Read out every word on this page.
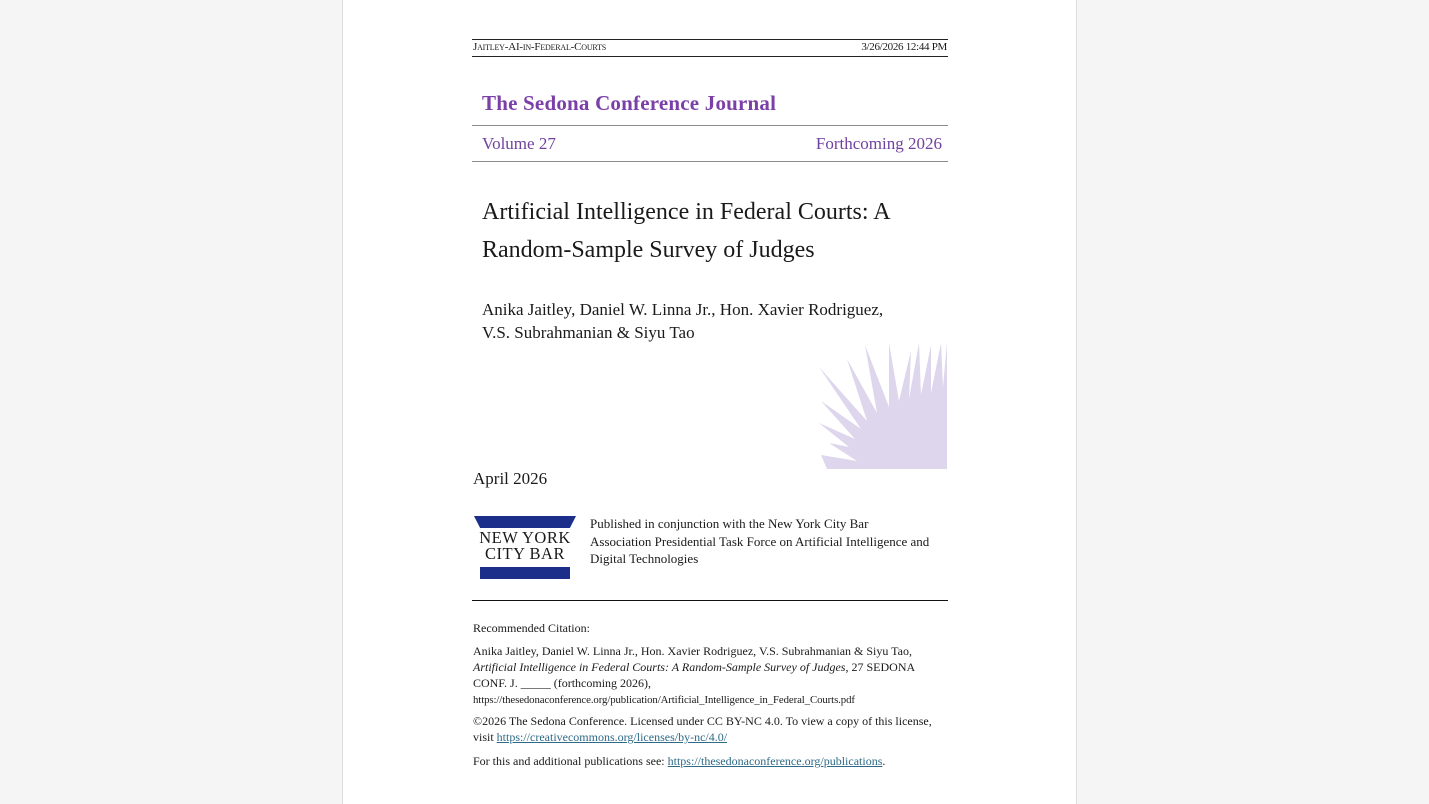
Jaitley-AI-in-Federal-Courts	3/26/2026 12:44 PM
The Sedona Conference Journal
Volume 27	Forthcoming 2026
Artificial Intelligence in Federal Courts: A
Random-Sample Survey of Judges
Anika Jaitley, Daniel W. Linna Jr., Hon. Xavier Rodriguez,
V.S. Subrahmanian & Siyu Tao
April 2026
NEW YORK
CITY BAR
Published in conjunction with the New York City Bar Association Presidential Task Force on Artificial Intelligence and Digital Technologies
Recommended Citation:
Anika Jaitley, Daniel W. Linna Jr., Hon. Xavier Rodriguez, V.S. Subrahmanian & Siyu Tao, Artificial Intelligence in Federal Courts: A Random-Sample Survey of Judges, 27 SEDONA CONF. J. _____ (forthcoming 2026),
https://thesedonaconference.org/publication/Artificial_Intelligence_in_Federal_Courts.pdf
©2026 The Sedona Conference. Licensed under CC BY-NC 4.0. To view a copy of this license, visit https://creativecommons.org/licenses/by-nc/4.0/
For this and additional publications see: https://thesedonaconference.org/publications.
